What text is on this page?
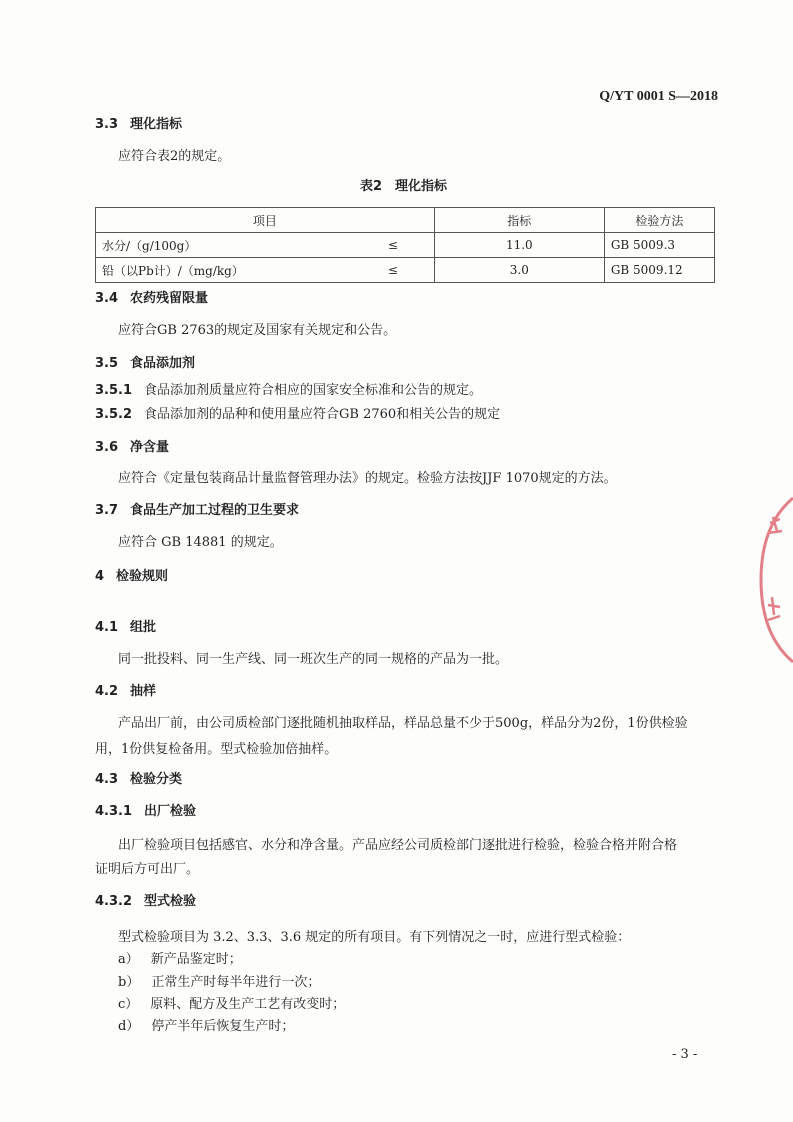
Q/YT 0001 S—2018
3.3 理化指标
应符合表2的规定。
表2　理化指标
项目		指标	检验方法
水分/（g/100g）	≤	11.0	GB 5009.3
铅（以Pb计）/（mg/kg）	≤	3.0	GB 5009.12
3.4 农药残留限量
应符合GB 2763的规定及国家有关规定和公告。
3.5 食品添加剂
3.5.1 食品添加剂质量应符合相应的国家安全标准和公告的规定。
3.5.2 食品添加剂的品种和使用量应符合GB 2760和相关公告的规定
3.6 净含量
应符合《定量包装商品计量监督管理办法》的规定。检验方法按JJF 1070规定的方法。
3.7 食品生产加工过程的卫生要求
应符合 GB 14881 的规定。
4 检验规则
4.1 组批
同一批投料、同一生产线、同一班次生产的同一规格的产品为一批。
4.2 抽样
产品出厂前，由公司质检部门逐批随机抽取样品，样品总量不少于500g，样品分为2份，1份供检验
用，1份供复检备用。型式检验加倍抽样。
4.3 检验分类
4.3.1 出厂检验
出厂检验项目包括感官、水分和净含量。产品应经公司质检部门逐批进行检验，检验合格并附合格
证明后方可出厂。
4.3.2 型式检验
型式检验项目为 3.2、3.3、3.6 规定的所有项目。有下列情况之一时，应进行型式检验：
a） 新产品鉴定时；
b） 正常生产时每半年进行一次；
c） 原料、配方及生产工艺有改变时；
d） 停产半年后恢复生产时；
- 3 -
